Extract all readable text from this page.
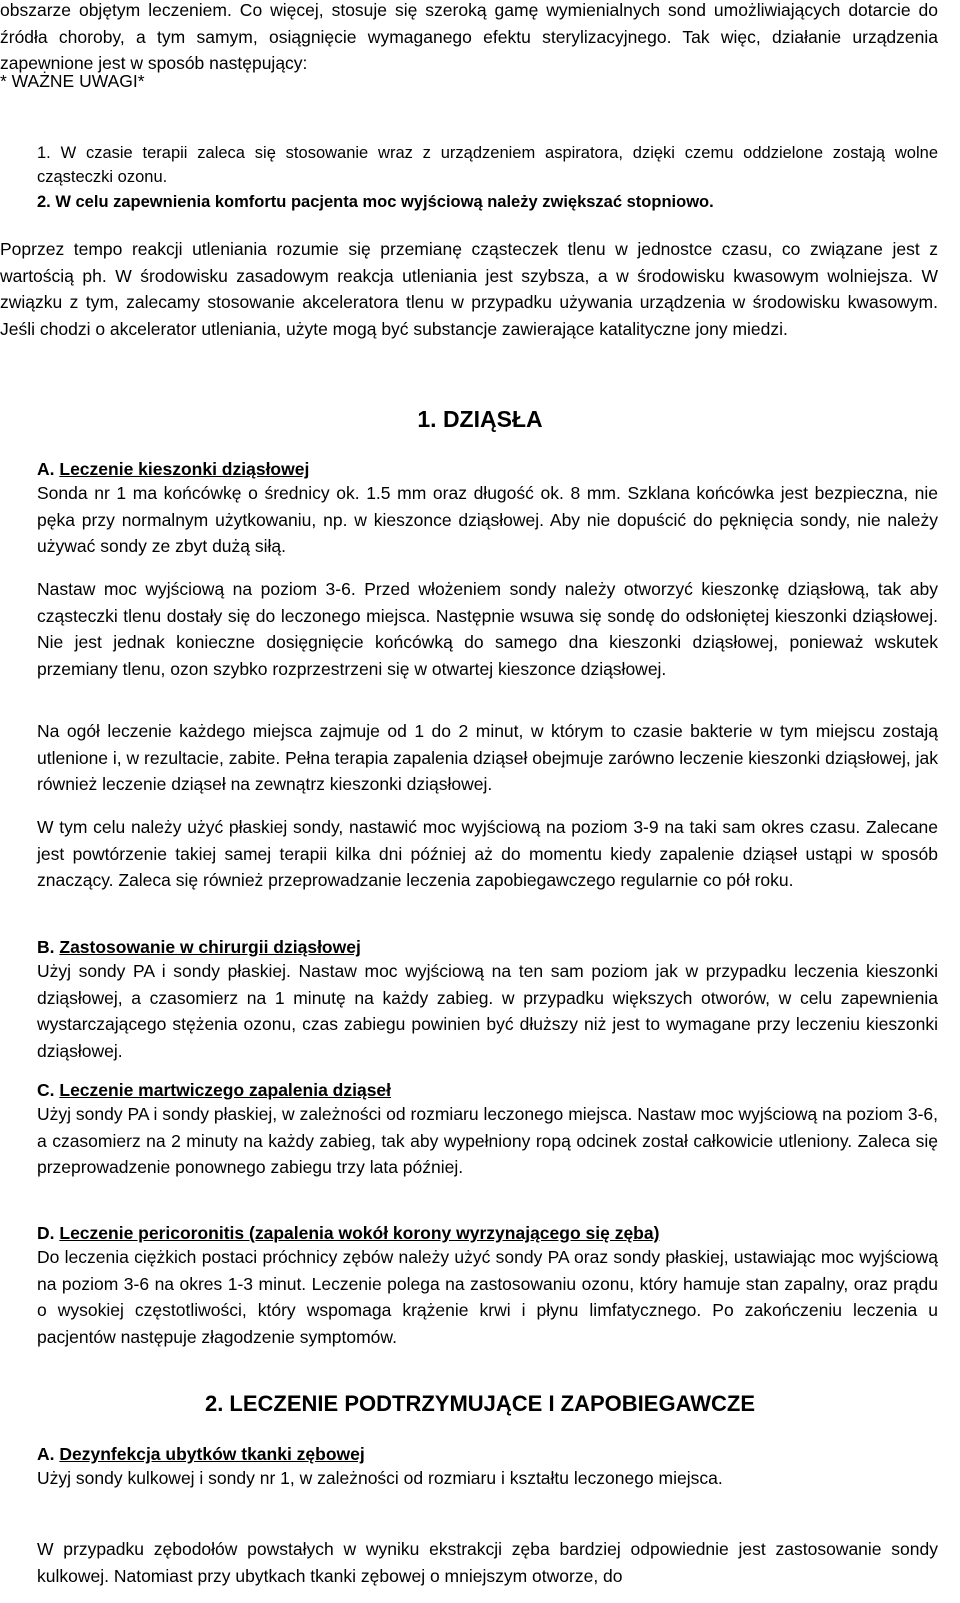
obszarze objętym leczeniem. Co więcej, stosuje się szeroką gamę wymienialnych sond umożliwiających dotarcie do źródła choroby, a tym samym, osiągnięcie wymaganego efektu sterylizacyjnego. Tak więc, działanie urządzenia zapewnione jest w sposób następujący:

* WAŻNE UWAGI*

1. W czasie terapii zaleca się stosowanie wraz z urządzeniem aspiratora, dzięki czemu oddzielone zostają wolne cząsteczki ozonu.

2. W celu zapewnienia komfortu pacjenta moc wyjściową należy zwiększać stopniowo.

Poprzez tempo reakcji utleniania rozumie się przemianę cząsteczek tlenu w jednostce czasu, co związane jest z wartością ph. W środowisku zasadowym reakcja utleniania jest szybsza, a w środowisku kwasowym wolniejsza. W związku z tym, zalecamy stosowanie akceleratora tlenu w przypadku używania urządzenia w środowisku kwasowym. Jeśli chodzi o akcelerator utleniania, użyte mogą być substancje zawierające katalityczne jony miedzi.

1. DZIĄSŁA

A. Leczenie kieszonki dziąsłowej

Sonda nr 1 ma końcówkę o średnicy ok. 1.5 mm oraz długość ok. 8 mm. Szklana końcówka jest bezpieczna, nie pęka przy normalnym użytkowaniu, np. w kieszonce dziąsłowej. Aby nie dopuścić do pęknięcia sondy, nie należy używać sondy ze zbyt dużą siłą.

Nastaw moc wyjściową na poziom 3-6. Przed włożeniem sondy należy otworzyć kieszonkę dziąsłową, tak aby cząsteczki tlenu dostały się do leczonego miejsca. Następnie wsuwa się sondę do odsłoniętej kieszonki dziąsłowej. Nie jest jednak konieczne dosięgnięcie końcówką do samego dna kieszonki dziąsłowej, ponieważ wskutek przemiany tlenu, ozon szybko rozprzestrzeni się w otwartej kieszonce dziąsłowej.

Na ogół leczenie każdego miejsca zajmuje od 1 do 2 minut, w którym to czasie bakterie w tym miejscu zostają utlenione i, w rezultacie, zabite. Pełna terapia zapalenia dziąseł obejmuje zarówno leczenie kieszonki dziąsłowej, jak również leczenie dziąseł na zewnątrz kieszonki dziąsłowej.

W tym celu należy użyć płaskiej sondy, nastawić moc wyjściową na poziom 3-9 na taki sam okres czasu. Zalecane jest powtórzenie takiej samej terapii kilka dni później aż do momentu kiedy zapalenie dziąseł ustąpi w sposób znaczący. Zaleca się również przeprowadzanie leczenia zapobiegawczego regularnie co pół roku.

B. Zastosowanie w chirurgii dziąsłowej

Użyj sondy PA i sondy płaskiej. Nastaw moc wyjściową na ten sam poziom jak w przypadku leczenia kieszonki dziąsłowej, a czasomierz na 1 minutę na każdy zabieg. w przypadku większych otworów, w celu zapewnienia wystarczającego stężenia ozonu, czas zabiegu powinien być dłuższy niż jest to wymagane przy leczeniu kieszonki dziąsłowej.

C. Leczenie martwiczego zapalenia dziąseł

Użyj sondy PA i sondy płaskiej, w zależności od rozmiaru leczonego miejsca. Nastaw moc wyjściową na poziom 3-6, a czasomierz na 2 minuty na każdy zabieg, tak aby wypełniony ropą odcinek został całkowicie utleniony. Zaleca się przeprowadzenie ponownego zabiegu trzy lata później.

D. Leczenie pericoronitis (zapalenia wokół korony wyrzynającego się zęba)

Do leczenia ciężkich postaci próchnicy zębów należy użyć sondy PA oraz sondy płaskiej, ustawiając moc wyjściową na poziom 3-6 na okres 1-3 minut. Leczenie polega na zastosowaniu ozonu, który hamuje stan zapalny, oraz prądu o wysokiej częstotliwości, który wspomaga krążenie krwi i płynu limfatycznego. Po zakończeniu leczenia u pacjentów następuje złagodzenie symptomów.

2. LECZENIE PODTRZYMUJĄCE I ZAPOBIEGAWCZE

A. Dezynfekcja ubytków tkanki zębowej

Użyj sondy kulkowej i sondy nr 1, w zależności od rozmiaru i kształtu leczonego miejsca.

W przypadku zębodołów powstałych w wyniku ekstrakcji zęba bardziej odpowiednie jest zastosowanie sondy kulkowej. Natomiast przy ubytkach tkanki zębowej o mniejszym otworze, do
